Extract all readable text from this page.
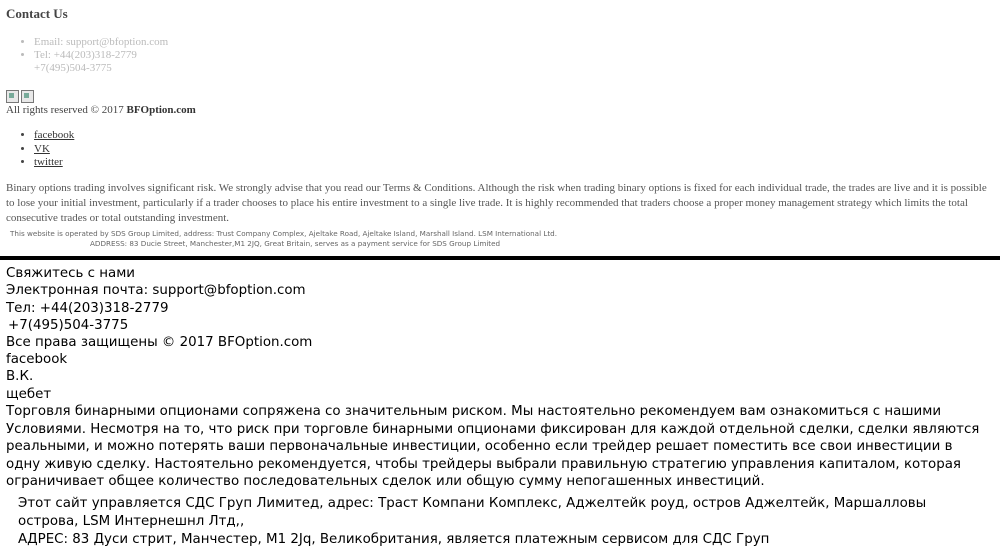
Contact Us
• Email: support@bfoption.com
• Tel: +44(203)318-2779
+7(495)504-3775
All rights reserved © 2017 BFOption.com
• facebook
• VK
• twitter

Binary options trading involves significant risk. We strongly advise that you read our Terms & Conditions. Although the risk when trading binary options is fixed for each individual trade, the trades are live and it is possible to lose your initial investment, particularly if a trader chooses to place his entire investment to a single live trade. It is highly recommended that traders choose a proper money management strategy which limits the total consecutive trades or total outstanding investment.

This website is operated by SDS Group Limited, address: Trust Company Complex, Ajeltake Road, Ajeltake Island, Marshall Island. LSM International Ltd.
ADDRESS: 83 Ducie Street, Manchester,M1 2JQ, Great Britain, serves as a payment service for SDS Group Limited

Свяжитесь с нами

Электронная почта: support@bfoption.com

Тел: +44(203)318-2779

+7(495)504-3775

Все права защищены © 2017 BFOption.com

facebook

В.К.

щебет

Торговля бинарными опционами сопряжена со значительным риском. Мы настоятельно рекомендуем вам ознакомиться с нашими Условиями. Несмотря на то, что риск при торговле бинарными опционами фиксирован для каждой отдельной сделки, сделки являются реальными, и можно потерять ваши первоначальные инвестиции, особенно если трейдер решает поместить все свои инвестиции в одну живую сделку. Настоятельно рекомендуется, чтобы трейдеры выбрали правильную стратегию управления капиталом, которая ограничивает общее количество последовательных сделок или общую сумму непогашенных инвестиций.

Этот сайт управляется СДС Груп Лимитед, адрес: Траст Компани Комплекс, Аджелтейк роуд, остров Аджелтейк, Маршалловы острова, LSM Интернешнл Лтд,,

АДРЕС: 83 Дуси стрит, Манчестер, M1 2Jq, Великобритания, является платежным сервисом для СДС Груп
